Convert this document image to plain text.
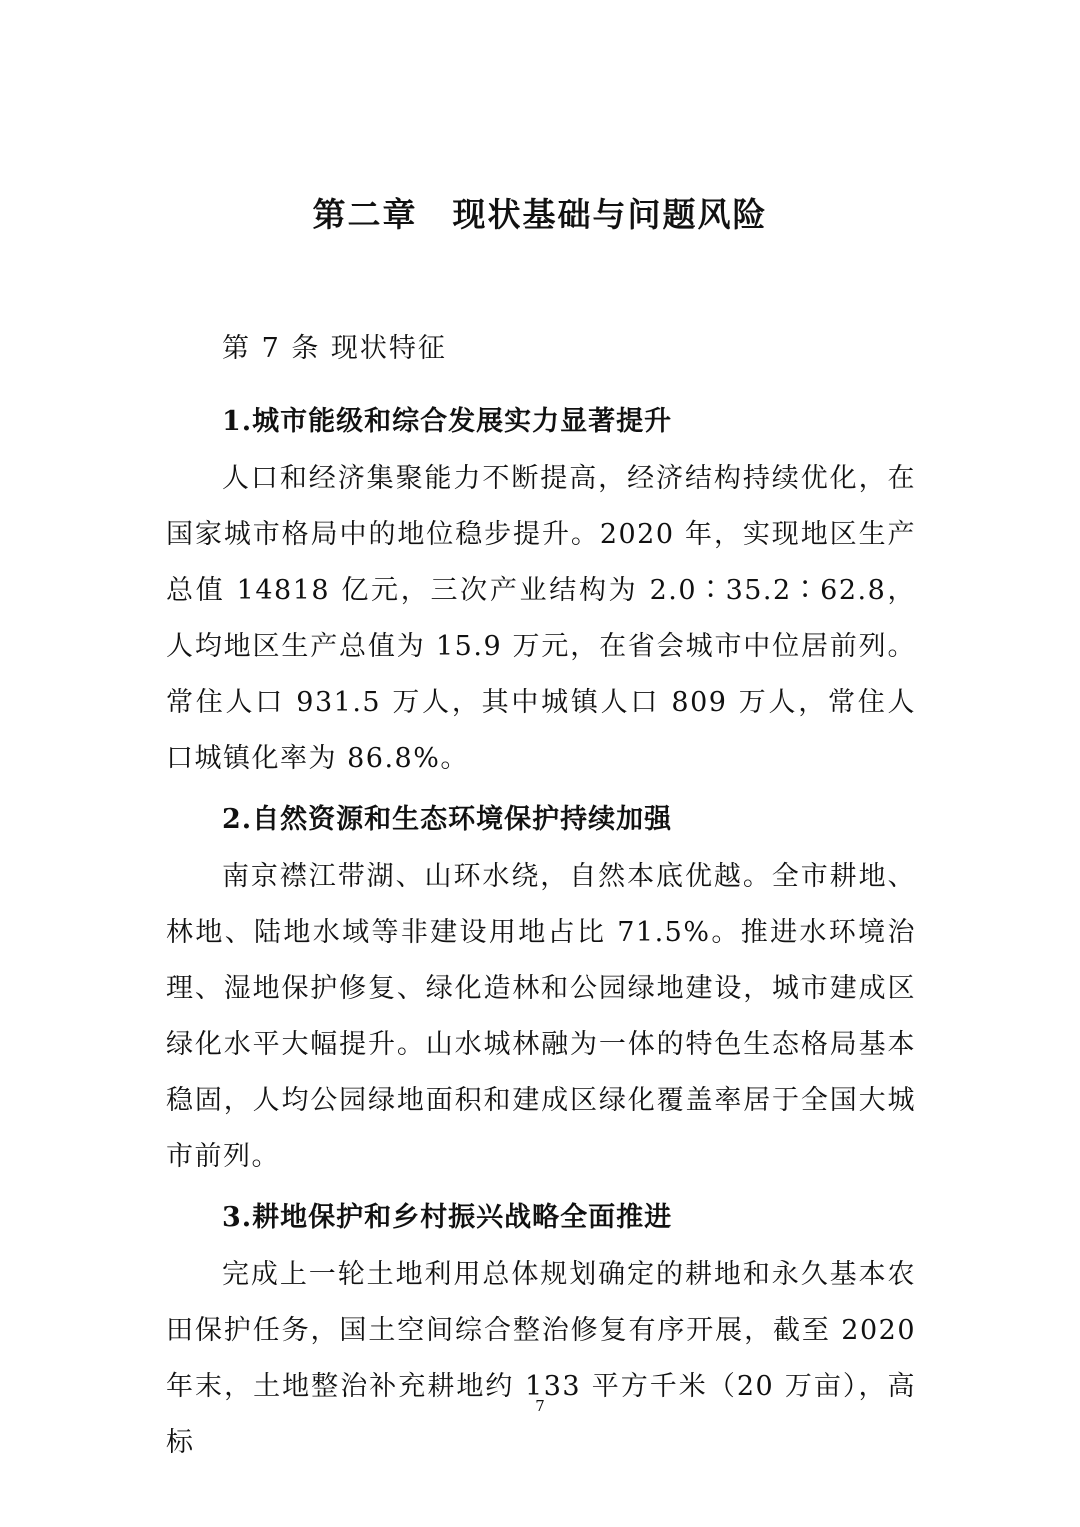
第二章　现状基础与问题风险
第 7 条 现状特征

1.城市能级和综合发展实力显著提升

人口和经济集聚能力不断提高，经济结构持续优化，在国家城市格局中的地位稳步提升。2020 年，实现地区生产总值 14818 亿元，三次产业结构为 2.0∶35.2∶62.8，人均地区生产总值为 15.9 万元，在省会城市中位居前列。常住人口 931.5 万人，其中城镇人口 809 万人，常住人口城镇化率为 86.8%。

2.自然资源和生态环境保护持续加强

南京襟江带湖、山环水绕，自然本底优越。全市耕地、林地、陆地水域等非建设用地占比 71.5%。推进水环境治理、湿地保护修复、绿化造林和公园绿地建设，城市建成区绿化水平大幅提升。山水城林融为一体的特色生态格局基本稳固，人均公园绿地面积和建成区绿化覆盖率居于全国大城市前列。

3.耕地保护和乡村振兴战略全面推进

完成上一轮土地利用总体规划确定的耕地和永久基本农田保护任务，国土空间综合整治修复有序开展，截至 2020 年末，土地整治补充耕地约 133 平方千米（20 万亩），高标

7
